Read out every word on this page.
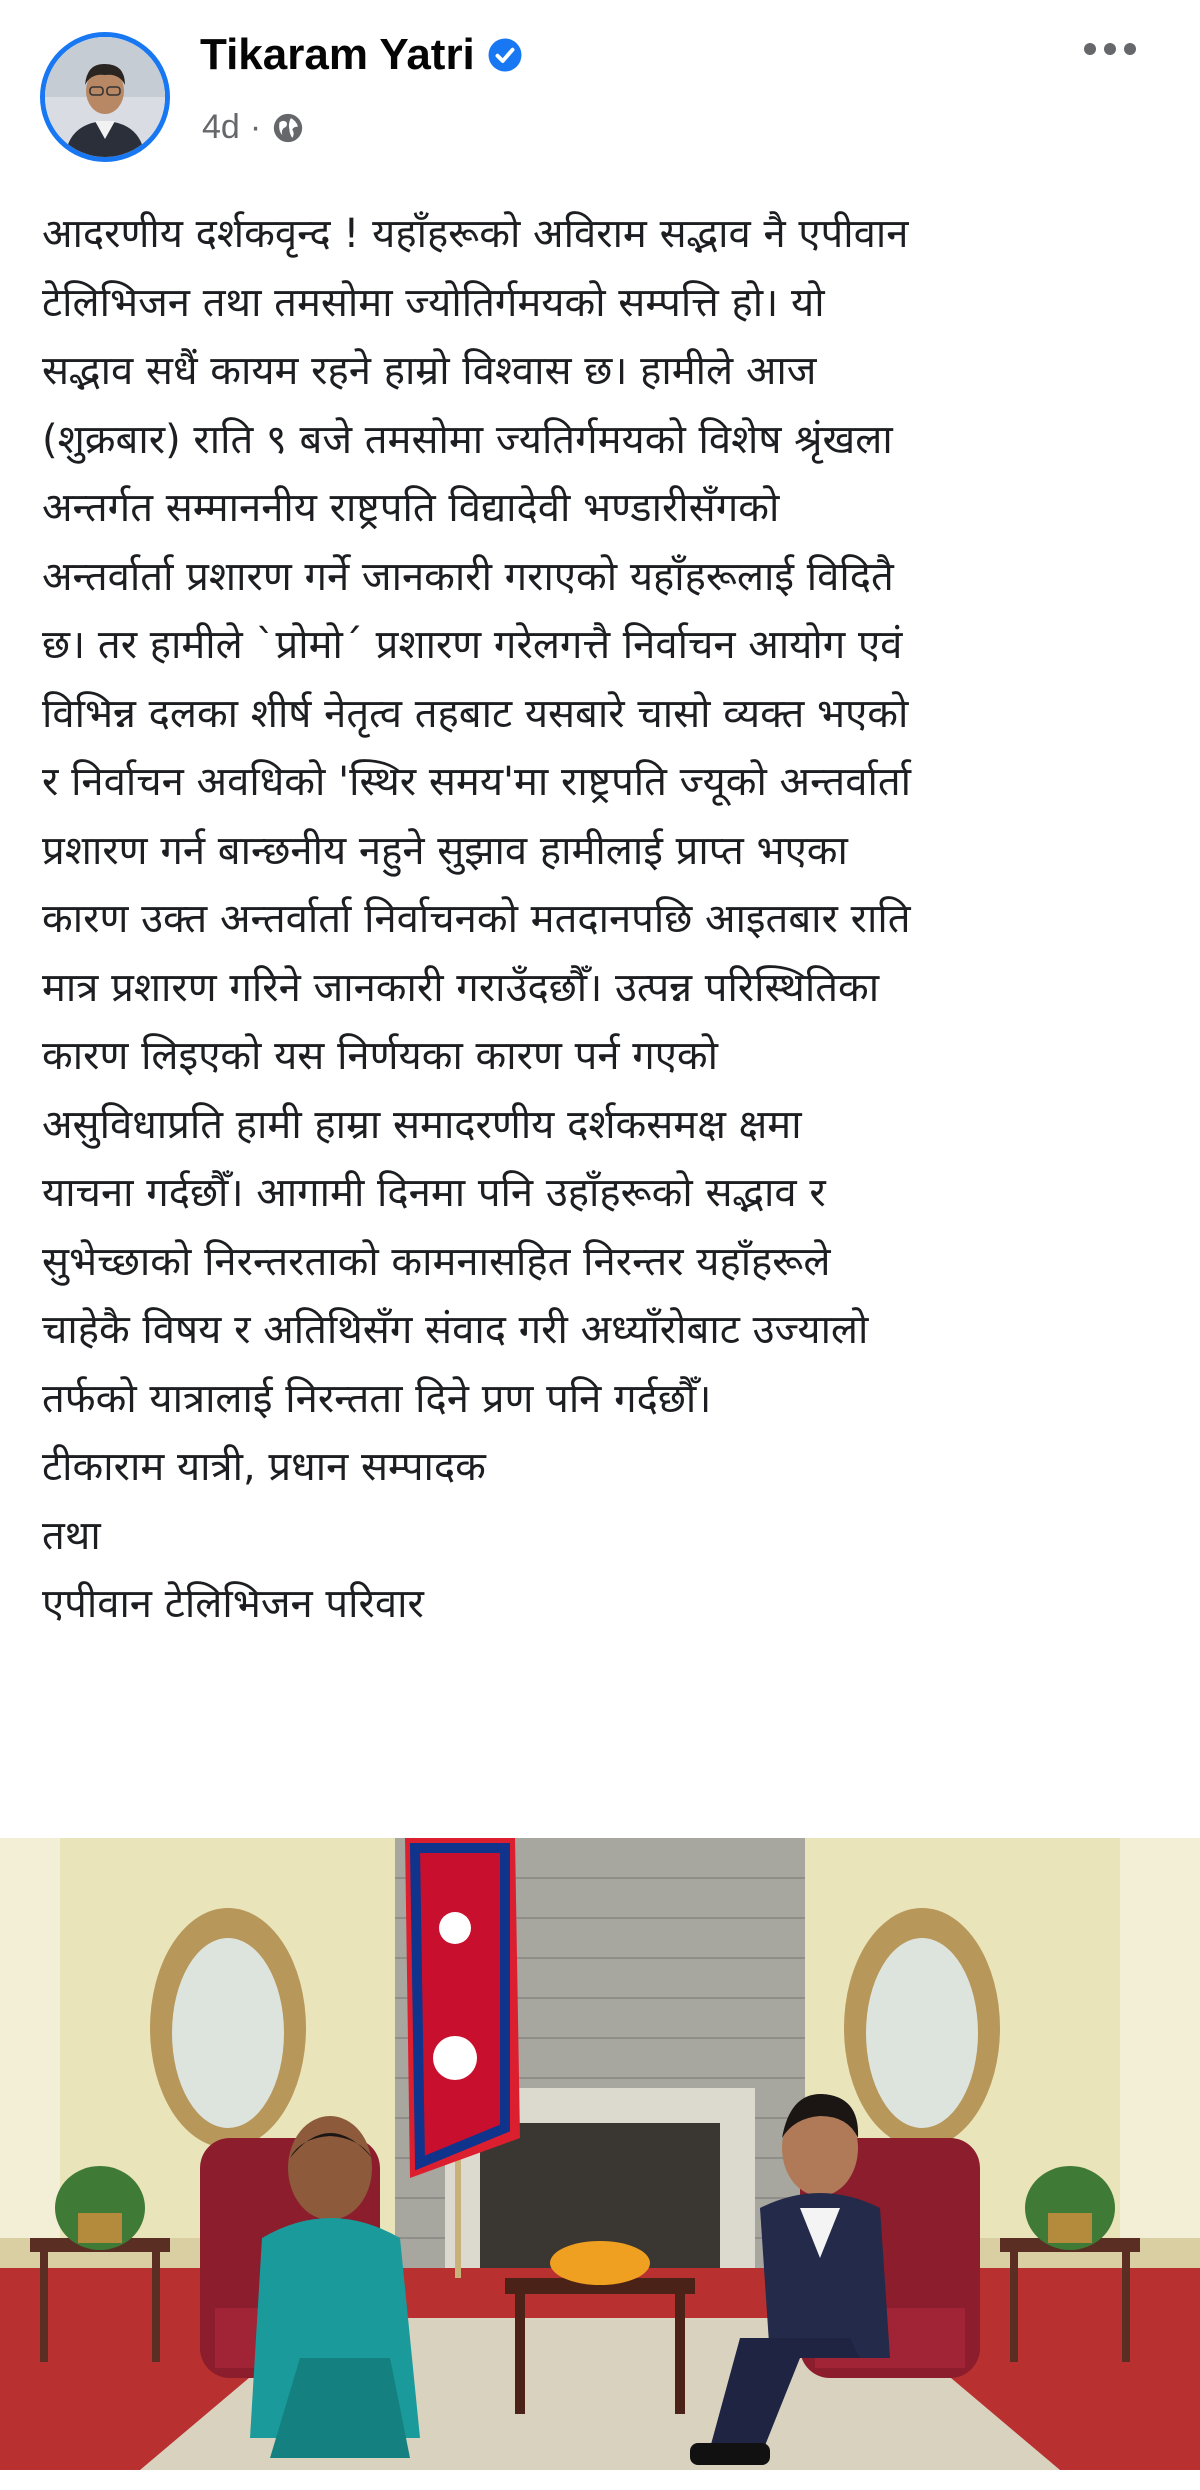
Tikaram Yatri
4d ·
आदरणीय दर्शकवृन्द ! यहाँहरूको अविराम सद्भाव नै एपीवान
टेलिभिजन तथा तमसोमा ज्योतिर्गमयको सम्पत्ति हो। यो
सद्भाव सधैं कायम रहने हाम्रो विश्वास छ। हामीले आज
(शुक्रबार) राति ९ बजे तमसोमा ज्यतिर्गमयको विशेष श्रृंखला
अन्तर्गत सम्माननीय राष्ट्रपति विद्यादेवी भण्डारीसँगको
अन्तर्वार्ता प्रशारण गर्ने जानकारी गराएको यहाँहरूलाई विदितै
छ। तर हामीले `प्रोमो´ प्रशारण गरेलगत्तै निर्वाचन आयोग एवं
विभिन्न दलका शीर्ष नेतृत्व तहबाट यसबारे चासो व्यक्त भएको
र निर्वाचन अवधिको 'स्थिर समय'मा राष्ट्रपति ज्यूको अन्तर्वार्ता
प्रशारण गर्न बान्छनीय नहुने सुझाव हामीलाई प्राप्त भएका
कारण उक्त अन्तर्वार्ता निर्वाचनको मतदानपछि आइतबार राति
मात्र प्रशारण गरिने जानकारी गराउँदछौँ। उत्पन्न परिस्थितिका
कारण लिइएको यस निर्णयका कारण पर्न गएको
असुविधाप्रति हामी हाम्रा समादरणीय दर्शकसमक्ष क्षमा
याचना गर्दछौँ। आगामी दिनमा पनि उहाँहरूको सद्भाव र
सुभेच्छाको निरन्तरताको कामनासहित निरन्तर यहाँहरूले
चाहेकै विषय र अतिथिसँग संवाद गरी अध्याँरोबाट उज्यालो
तर्फको यात्रालाई निरन्तता दिने प्रण पनि गर्दछौँ।
टीकाराम यात्री, प्रधान सम्पादक
तथा
एपीवान टेलिभिजन परिवार
